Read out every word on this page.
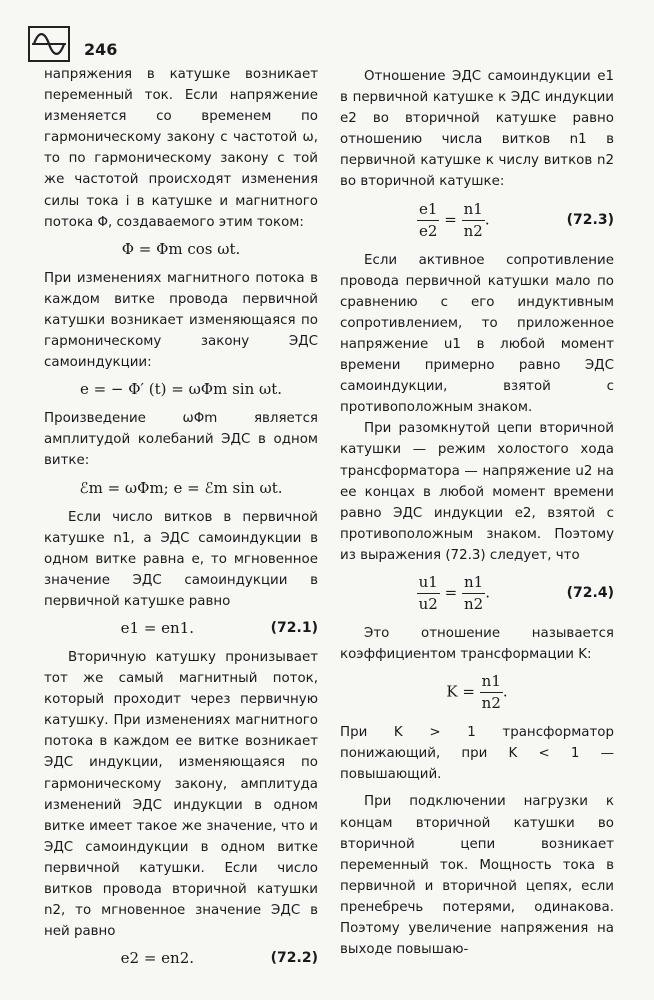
246

напряжения в катушке возникает переменный ток. Если напряжение изменяется со временем по гармоническому закону с частотой ω, то по гармоническому закону с той же частотой происходят изменения силы тока i в катушке и магнитного потока Φ, создаваемого этим током:

Φ = Φm cos ωt.

При изменениях магнитного потока в каждом витке провода первичной катушки возникает изменяющаяся по гармоническому закону ЭДС самоиндукции:

e = − Φ′ (t) = ωΦm sin ωt.

Произведение ωΦm является амплитудой колебаний ЭДС в одном витке:

ℰm = ωΦm; e = ℰm sin ωt.

Если число витков в первичной катушке n1, а ЭДС самоиндукции в одном витке равна e, то мгновенное значение ЭДС самоиндукции в первичной катушке равно

e1 = en1.	(72.1)

Вторичную катушку пронизывает тот же самый магнитный поток, который проходит через первичную катушку. При изменениях магнитного потока в каждом ее витке возникает ЭДС индукции, изменяющаяся по гармоническому закону, амплитуда изменений ЭДС индукции в одном витке имеет такое же значение, что и ЭДС самоиндукции в одном витке первичной катушки. Если число витков провода вторичной катушки n2, то мгновенное значение ЭДС в ней равно

e2 = en2.	(72.2)

Отношение ЭДС самоиндукции e1 в первичной катушке к ЭДС индукции e2 во вторичной катушке равно отношению числа витков n1 в первичной катушке к числу витков n2 во вторичной катушке:

$\frac{e1}{e2} = \frac{n1}{n2}$ .	(72.3)

Если активное сопротивление провода первичной катушки мало по сравнению с его индуктивным сопротивлением, то приложенное напряжение u1 в любой момент времени примерно равно ЭДС самоиндукции, взятой с противоположным знаком.

При разомкнутой цепи вторичной катушки — режим холостого хода трансформатора — напряжение u2 на ее концах в любой момент времени равно ЭДС индукции e2, взятой с противоположным знаком. Поэтому из выражения (72.3) следует, что

$\frac{u1}{u2} = \frac{n1}{n2}$ .	(72.4)

Это отношение называется коэффициентом трансформации K:

$K = \frac{n1}{n2}$ .

При K > 1 трансформатор понижающий, при K < 1 — повышающий.

При подключении нагрузки к концам вторичной катушки во вторичной цепи возникает переменный ток. Мощность тока в первичной и вторичной цепях, если пренебречь потерями, одинакова. Поэтому увеличение напряжения на выходе повышаю-
